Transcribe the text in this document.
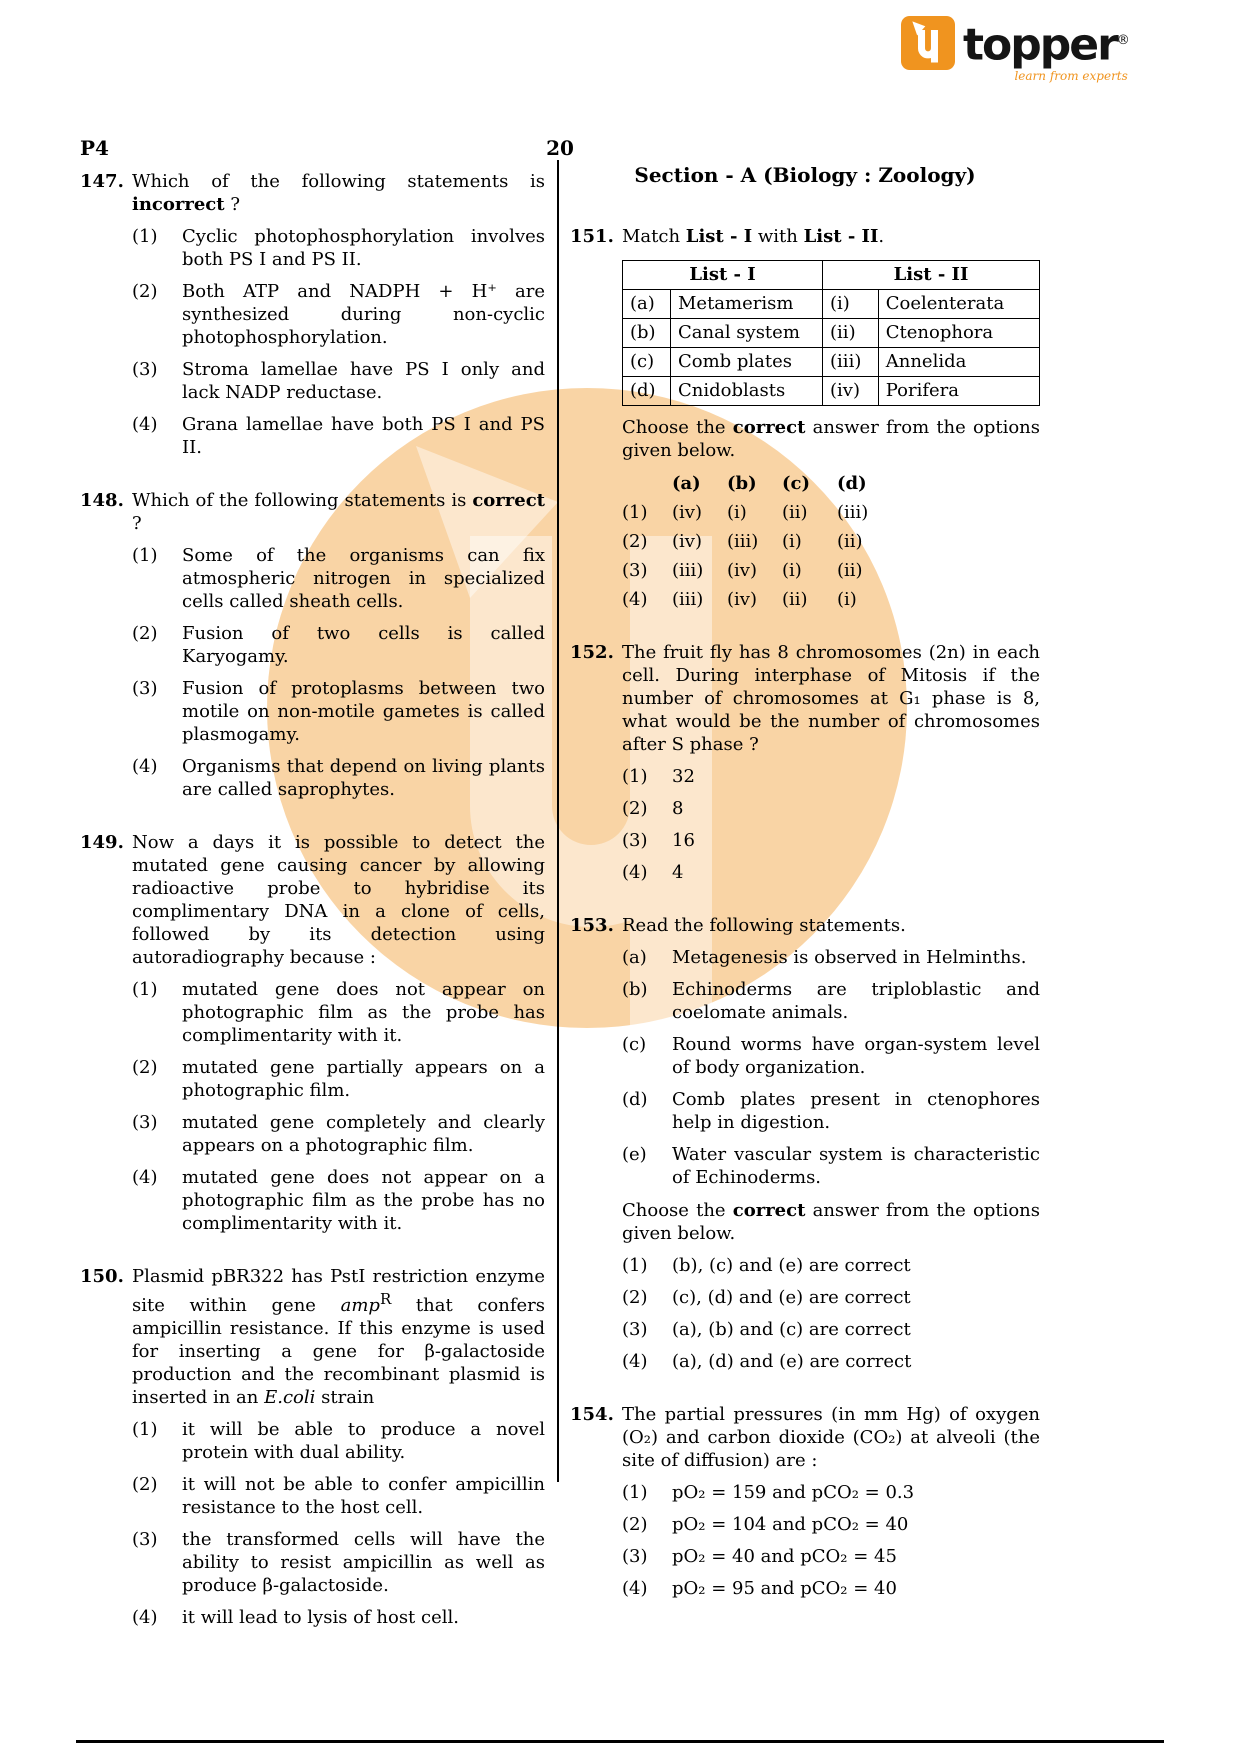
topper®
learn from experts
P4	20
147. Which of the following statements is incorrect ?
(1)	Cyclic photophosphorylation involves both PS I and PS II.
(2)	Both ATP and NADPH + H⁺ are synthesized during non-cyclic photophosphorylation.
(3)	Stroma lamellae have PS I only and lack NADP reductase.
(4)	Grana lamellae have both PS I and PS II.
148. Which of the following statements is correct ?
(1)	Some of the organisms can fix atmospheric nitrogen in specialized cells called sheath cells.
(2)	Fusion of two cells is called Karyogamy.
(3)	Fusion of protoplasms between two motile on non-motile gametes is called plasmogamy.
(4)	Organisms that depend on living plants are called saprophytes.
149. Now a days it is possible to detect the mutated gene causing cancer by allowing radioactive probe to hybridise its complimentary DNA in a clone of cells, followed by its detection using autoradiography because :
(1)	mutated gene does not appear on photographic film as the probe has complimentarity with it.
(2)	mutated gene partially appears on a photographic film.
(3)	mutated gene completely and clearly appears on a photographic film.
(4)	mutated gene does not appear on a photographic film as the probe has no complimentarity with it.
150. Plasmid pBR322 has PstI restriction enzyme site within gene amp$^R$ that confers ampicillin resistance. If this enzyme is used for inserting a gene for β-galactoside production and the recombinant plasmid is inserted in an E.coli strain
(1)	it will be able to produce a novel protein with dual ability.
(2)	it will not be able to confer ampicillin resistance to the host cell.
(3)	the transformed cells will have the ability to resist ampicillin as well as produce β-galactoside.
(4)	it will lead to lysis of host cell.
Section - A (Biology : Zoology)
151. Match List - I with List - II.
List - I		List - II	
(a)	Metamerism	(i)	Coelenterata
(b)	Canal system	(ii)	Ctenophora
(c)	Comb plates	(iii)	Annelida
(d)	Cnidoblasts	(iv)	Porifera
Choose the correct answer from the options given below.
(a)	(b)	(c)	(d)
(1)	(iv)	(i)	(ii)	(iii)
(2)	(iv)	(iii)	(i)	(ii)
(3)	(iii)	(iv)	(i)	(ii)
(4)	(iii)	(iv)	(ii)	(i)
152. The fruit fly has 8 chromosomes (2n) in each cell. During interphase of Mitosis if the number of chromosomes at G₁ phase is 8, what would be the number of chromosomes after S phase ?
(1)	32
(2)	8
(3)	16
(4)	4
153. Read the following statements.
(a)	Metagenesis is observed in Helminths.
(b)	Echinoderms are triploblastic and coelomate animals.
(c)	Round worms have organ-system level of body organization.
(d)	Comb plates present in ctenophores help in digestion.
(e)	Water vascular system is characteristic of Echinoderms.
Choose the correct answer from the options given below.
(1)	(b), (c) and (e) are correct
(2)	(c), (d) and (e) are correct
(3)	(a), (b) and (c) are correct
(4)	(a), (d) and (e) are correct
154. The partial pressures (in mm Hg) of oxygen (O₂) and carbon dioxide (CO₂) at alveoli (the site of diffusion) are :
(1)	pO₂ = 159 and pCO₂ = 0.3
(2)	pO₂ = 104 and pCO₂ = 40
(3)	pO₂ = 40 and pCO₂ = 45
(4)	pO₂ = 95 and pCO₂ = 40
